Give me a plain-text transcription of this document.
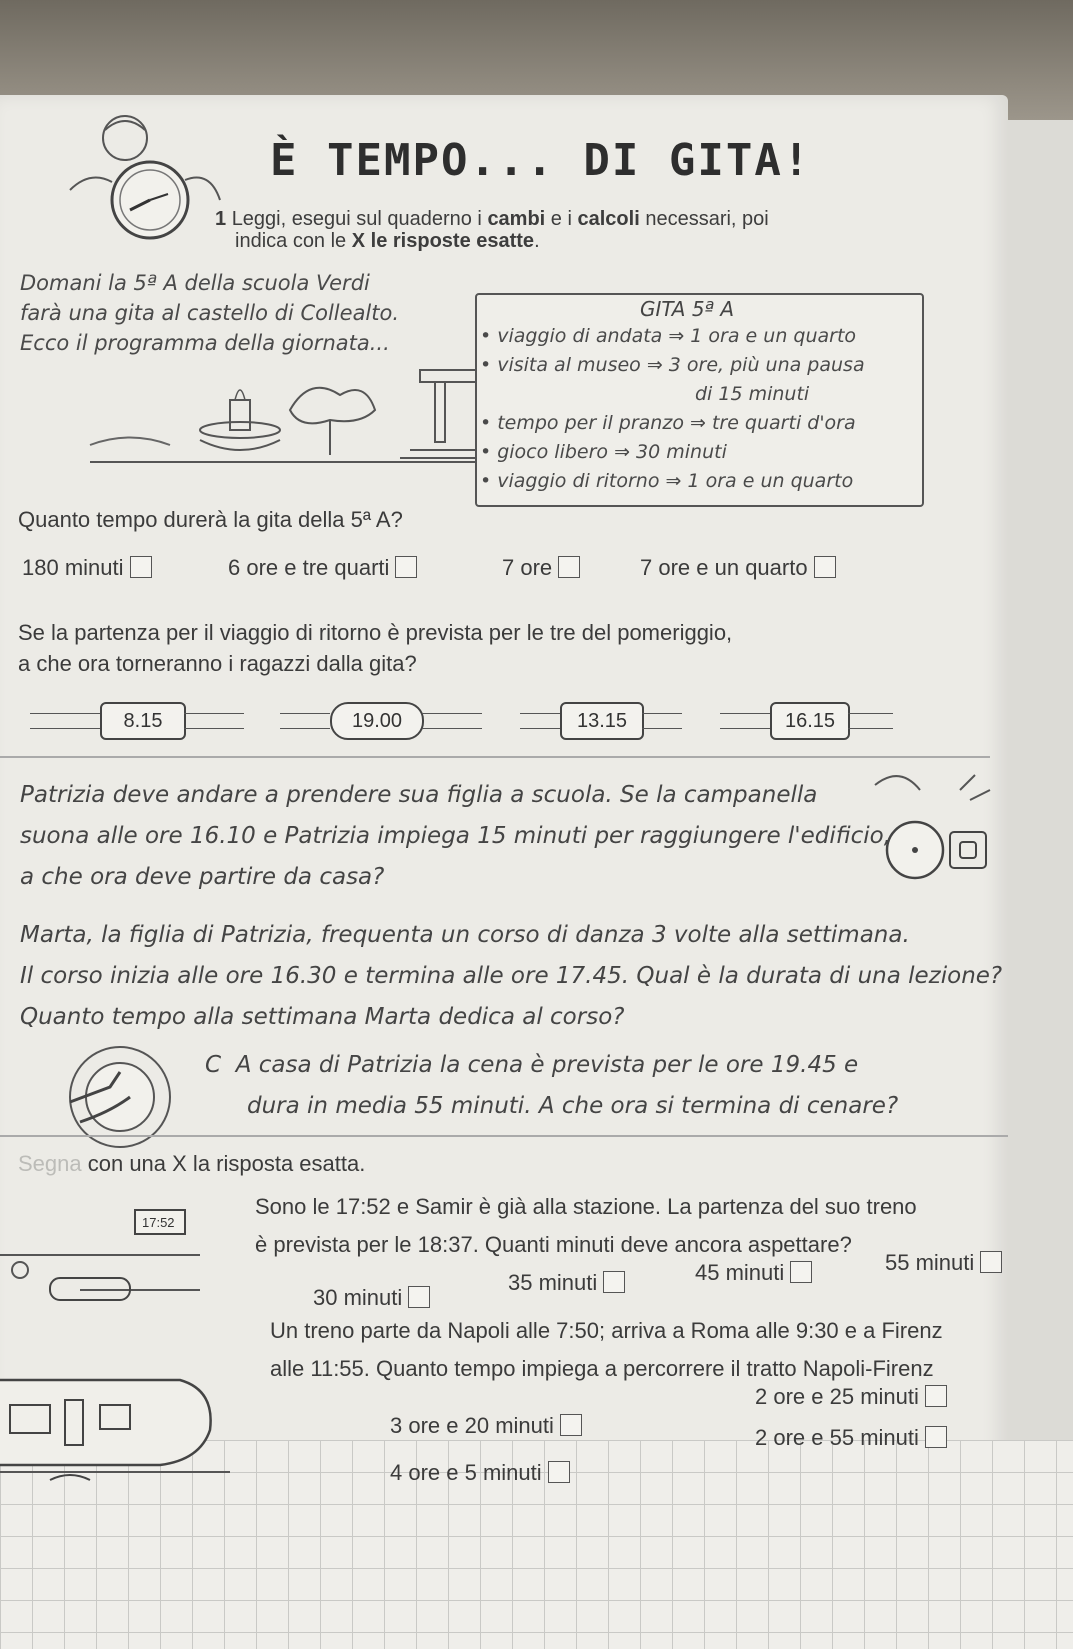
È TEMPO... DI GITA!
1 Leggi, esegui sul quaderno i cambi e i calcoli necessari, poi
indica con le X le risposte esatte.
Domani la 5ª A della scuola Verdi
farà una gita al castello di Collealto.
Ecco il programma della giornata...
GITA 5ª A
• viaggio di andata ⇒ 1 ora e un quarto
• visita al museo ⇒ 3 ore, più una pausa
di 15 minuti
• tempo per il pranzo ⇒ tre quarti d'ora
• gioco libero ⇒ 30 minuti
• viaggio di ritorno ⇒ 1 ora e un quarto
Quanto tempo durerà la gita della 5ª A?
180 minuti	6 ore e tre quarti	7 ore	7 ore e un quarto
Se la partenza per il viaggio di ritorno è prevista per le tre del pomeriggio,
a che ora torneranno i ragazzi dalla gita?
8.15	19.00	13.15	16.15
Patrizia deve andare a prendere sua figlia a scuola. Se la campanella
suona alle ore 16.10 e Patrizia impiega 15 minuti per raggiungere l'edificio,
a che ora deve partire da casa?
Marta, la figlia di Patrizia, frequenta un corso di danza 3 volte alla settimana.
Il corso inizia alle ore 16.30 e termina alle ore 17.45. Qual è la durata di una lezione?
Quanto tempo alla settimana Marta dedica al corso?
C A casa di Patrizia la cena è prevista per le ore 19.45 e
dura in media 55 minuti. A che ora si termina di cenare?
Segna con una X la risposta esatta.
17:52
Sono le 17:52 e Samir è già alla stazione. La partenza del suo treno
è prevista per le 18:37. Quanti minuti deve ancora aspettare?
30 minuti
35 minuti	45 minuti	55 minuti
Un treno parte da Napoli alle 7:50; arriva a Roma alle 9:30 e a Firenz
alle 11:55. Quanto tempo impiega a percorrere il tratto Napoli-Firenz
3 ore e 20 minuti
2 ore e 25 minuti
4 ore e 5 minuti
2 ore e 55 minuti
